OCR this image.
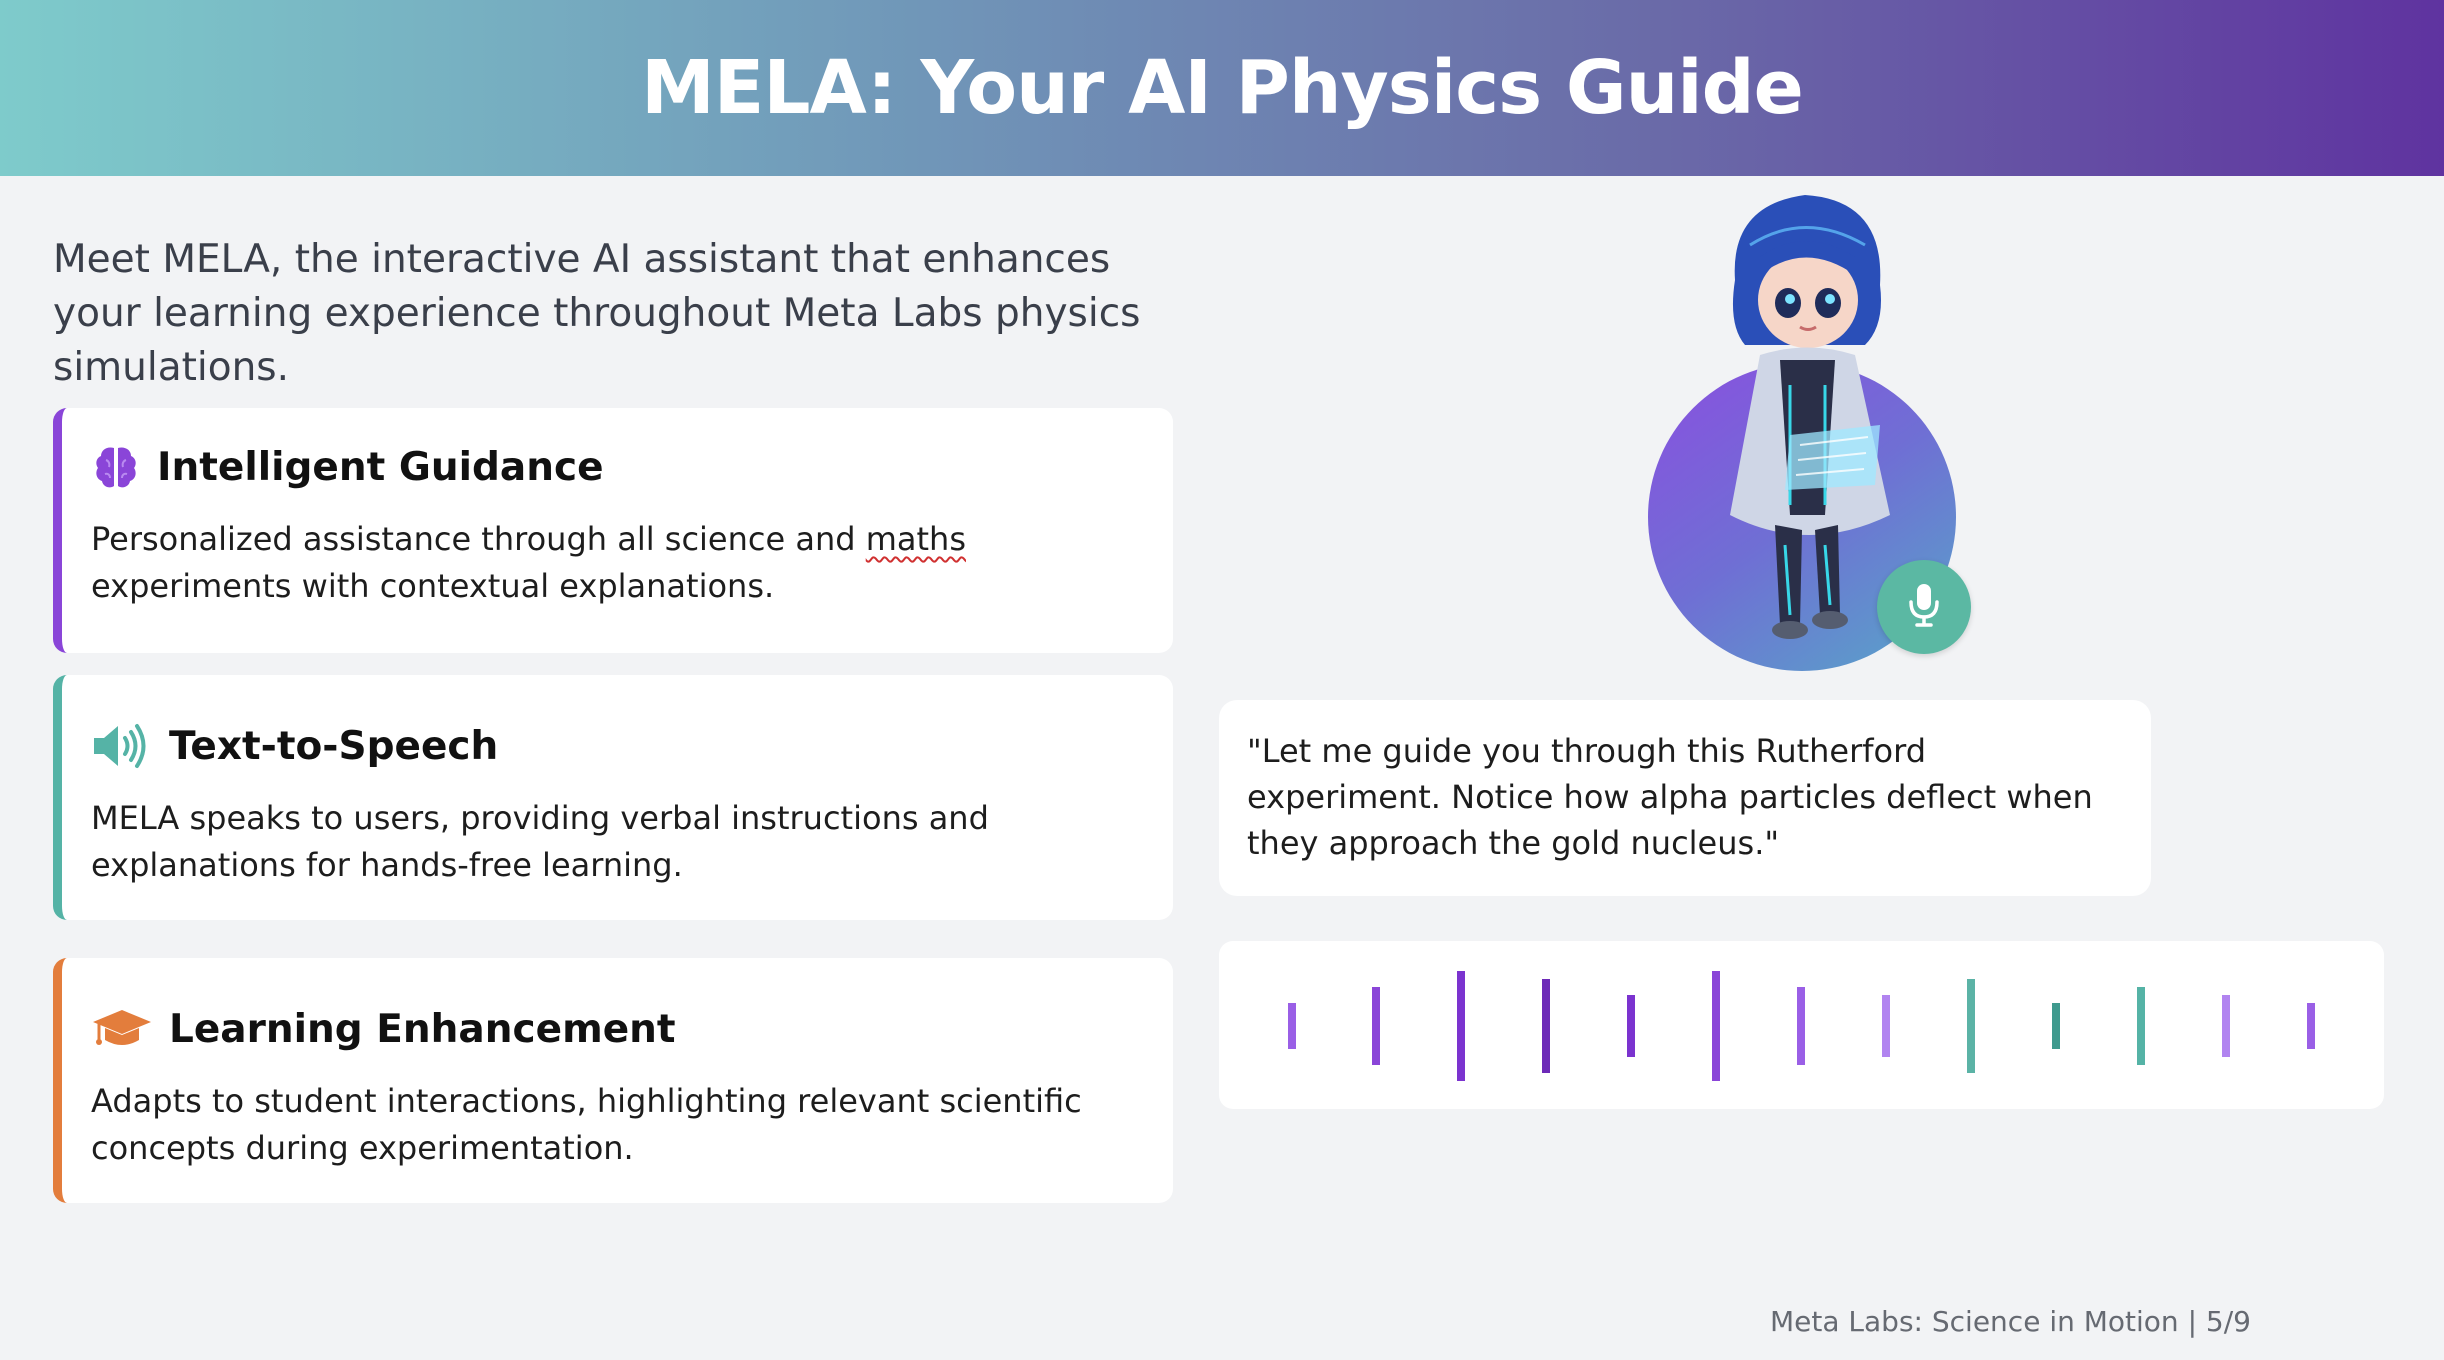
MELA: Your AI Physics Guide

Meet MELA, the interactive AI assistant that enhances your learning experience throughout Meta Labs physics simulations.

Intelligent Guidance

Personalized assistance through all science and maths experiments with contextual explanations.

Text-to-Speech

MELA speaks to users, providing verbal instructions and explanations for hands-free learning.

Learning Enhancement

Adapts to student interactions, highlighting relevant scientific concepts during experimentation.

"Let me guide you through this Rutherford experiment. Notice how alpha particles deflect when they approach the gold nucleus."
Meta Labs: Science in Motion | 5/9
